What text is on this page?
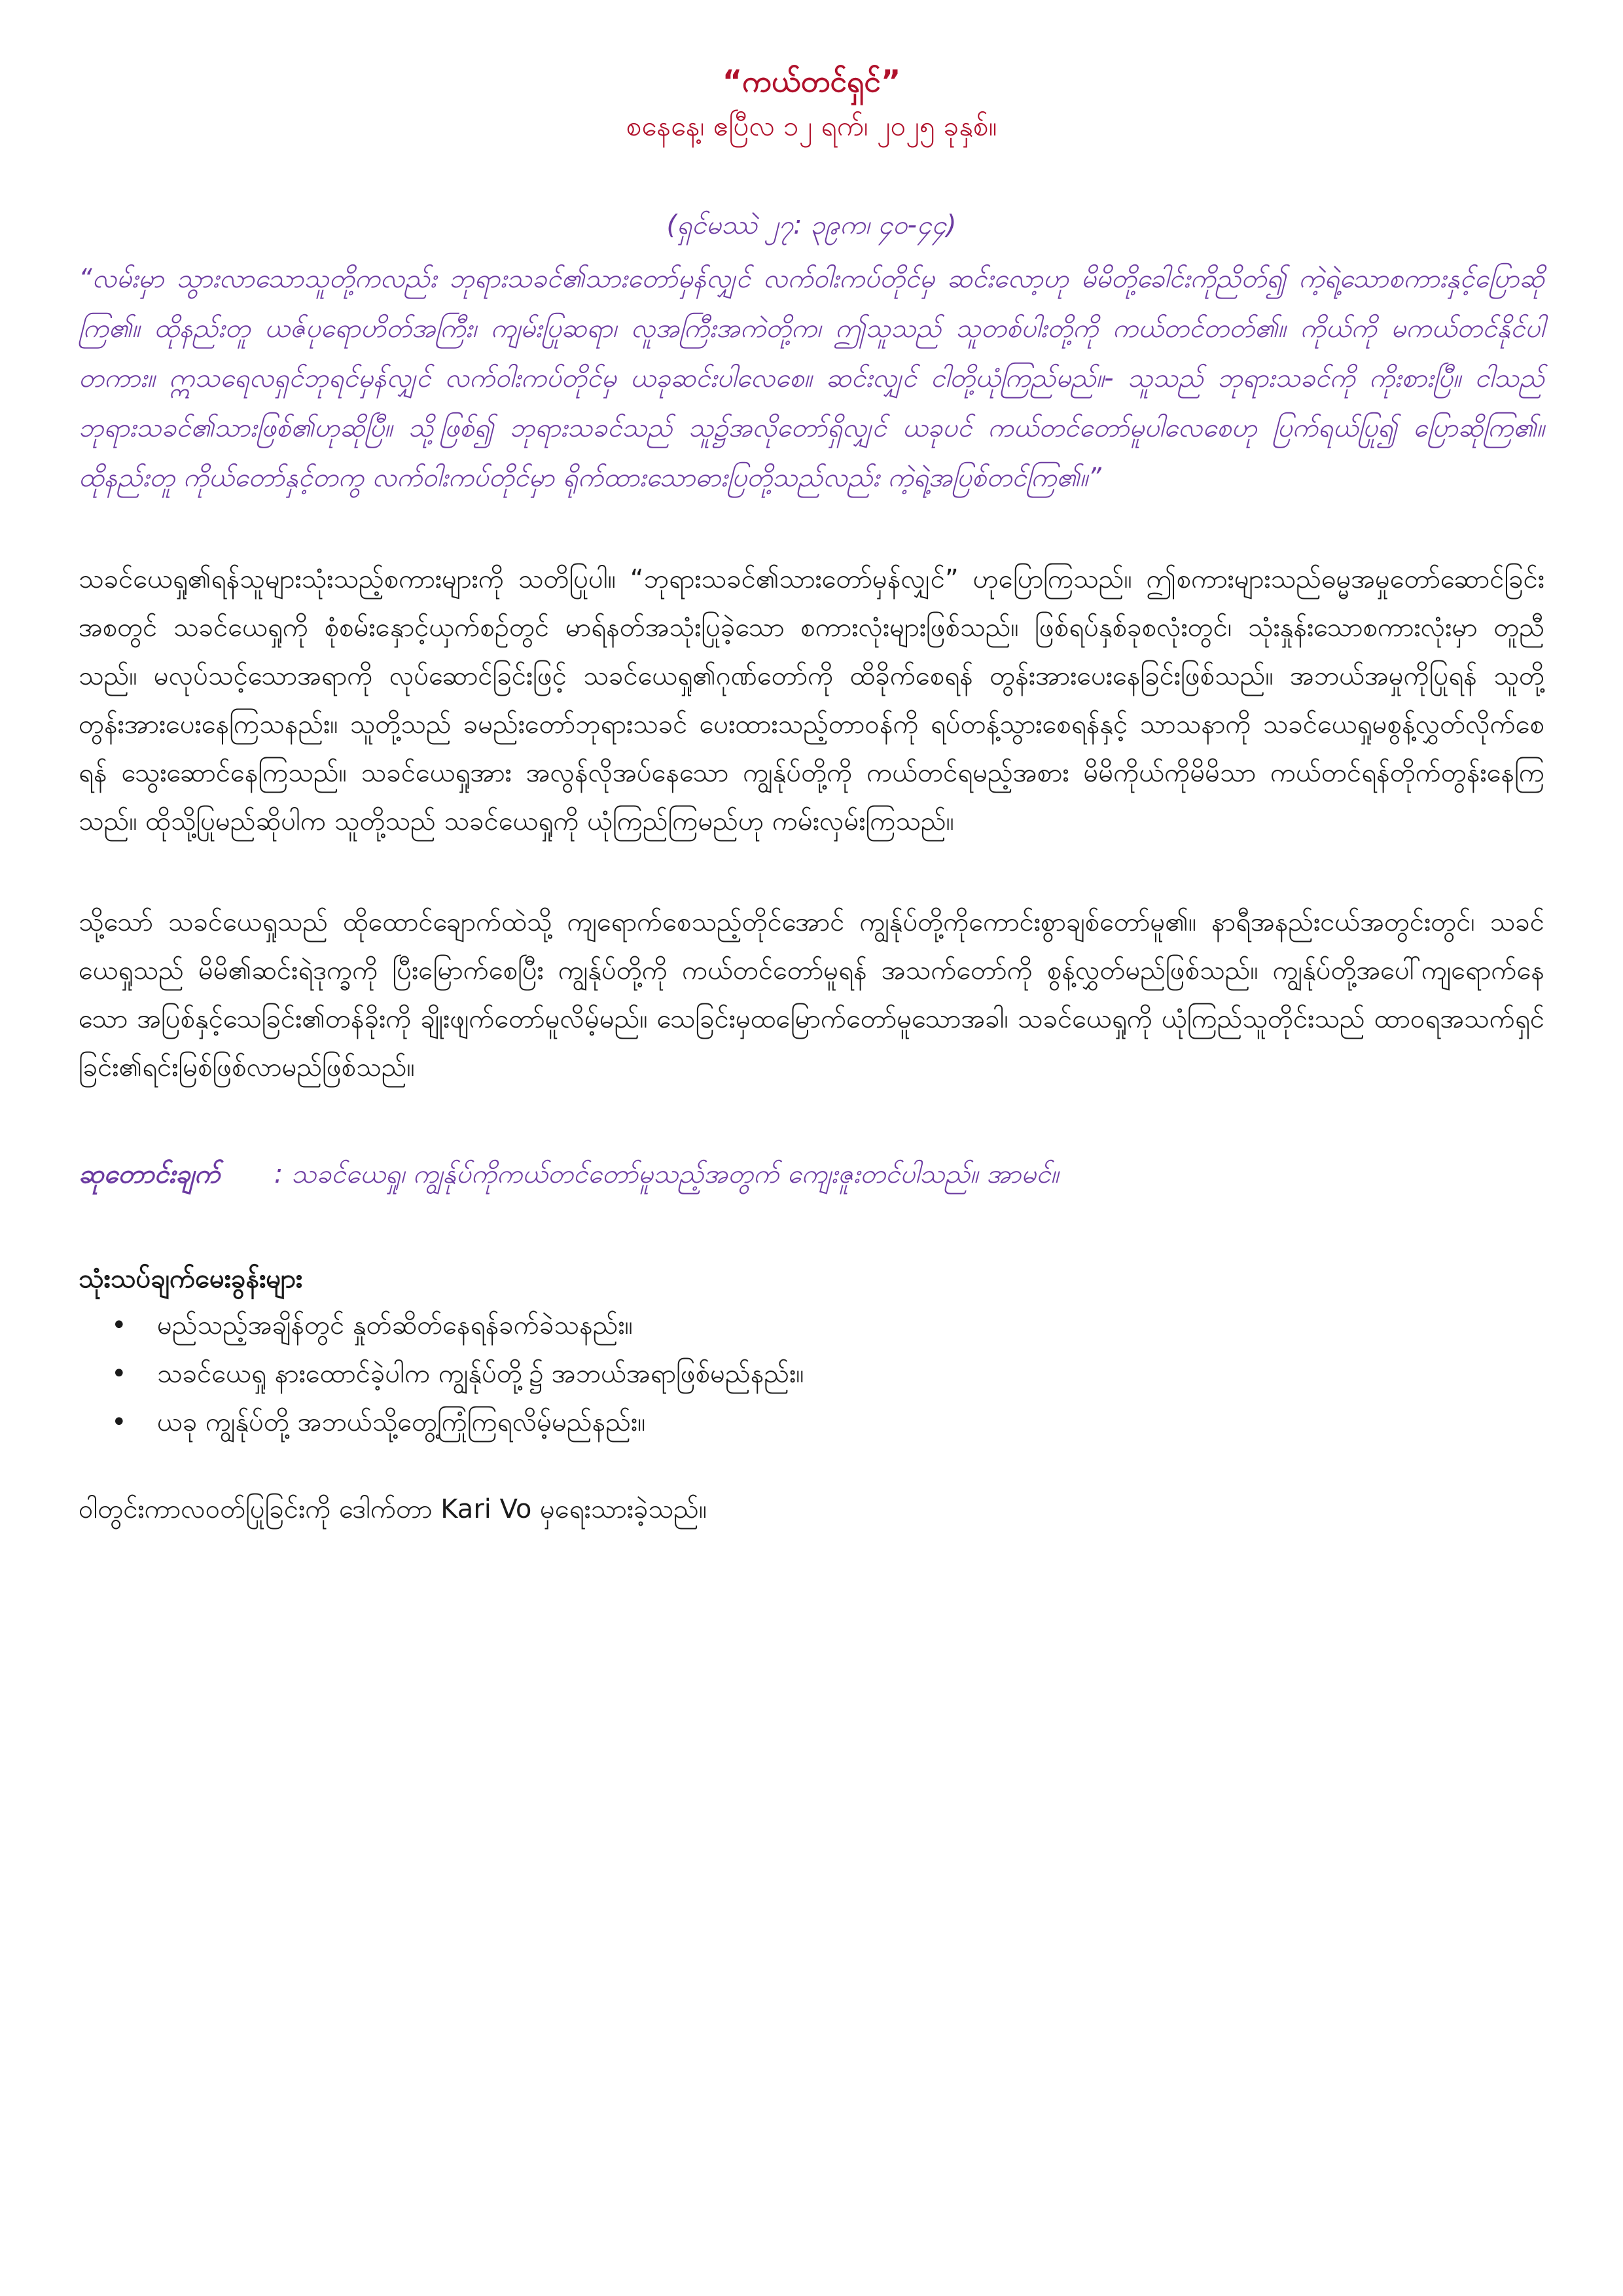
“ကယ်တင်ရှင်”

စနေနေ့၊ ဧပြီလ ၁၂ ရက်၊ ၂၀၂၅ ခုနှစ်။

(ရှင်မဿဲ ၂၇: ၃၉က၊ ၄၀-၄၄)
“လမ်းမှာ သွားလာသောသူတို့ကလည်း ဘုရားသခင်၏သားတော်မှန်လျှင် လက်ဝါးကပ်တိုင်မှ ဆင်းလော့ဟု မိမိတို့ခေါင်းကိုညိတ်၍ ကဲ့ရဲ့သောစကားနှင့်ပြောဆိုကြ၏။ ထိုနည်းတူ ယဇ်ပုရောဟိတ်အကြီး၊ ကျမ်းပြုဆရာ၊ လူအကြီးအကဲတို့က၊ ဤသူသည် သူတစ်ပါးတို့ကို ကယ်တင်တတ်၏။ ကိုယ်ကို မကယ်တင်နိုင်ပါတကား။ ဣသရေလရှင်ဘုရင်မှန်လျှင် လက်ဝါးကပ်တိုင်မှ ယခုဆင်းပါလေစေ။ ဆင်းလျှင် ငါတို့ယုံကြည်မည်။- သူသည် ဘုရားသခင်ကို ကိုးစားပြီ။ ငါသည် ဘုရားသခင်၏သားဖြစ်၏ဟုဆိုပြီ။ သို့ဖြစ်၍ ဘုရားသခင်သည် သူ၌အလိုတော်ရှိလျှင် ယခုပင် ကယ်တင်တော်မူပါလေစေဟု ပြက်ရယ်ပြု၍ ပြောဆိုကြ၏။ ထိုနည်းတူ ကိုယ်တော်နှင့်တကွ လက်ဝါးကပ်တိုင်မှာ ရိုက်ထားသောဓားပြတို့သည်လည်း ကဲ့ရဲ့အပြစ်တင်ကြ၏။”

သခင်ယေရှု၏ရန်သူများသုံးသည့်စကားများကို သတိပြုပါ။ “ဘုရားသခင်၏သားတော်မှန်လျှင်” ဟုပြောကြသည်။ ဤစကားများသည်ဓမ္မအမှုတော်ဆောင်ခြင်းအစတွင် သခင်ယေရှုကို စုံစမ်းနှောင့်ယှက်စဉ်တွင် မာရ်နတ်အသုံးပြုခဲ့သော စကားလုံးများဖြစ်သည်။ ဖြစ်ရပ်နှစ်ခုစလုံးတွင်၊ သုံးနှုန်းသောစကားလုံးမှာ တူညီသည်။ မလုပ်သင့်သောအရာကို လုပ်ဆောင်ခြင်းဖြင့် သခင်ယေရှု၏ဂုဏ်တော်ကို ထိခိုက်စေရန် တွန်းအားပေးနေခြင်းဖြစ်သည်။ အဘယ်အမှုကိုပြုရန် သူတို့တွန်းအားပေးနေကြသနည်း။ သူတို့သည် ခမည်းတော်ဘုရားသခင် ပေးထားသည့်တာဝန်ကို ရပ်တန့်သွားစေရန်နှင့် သာသနာကို သခင်ယေရှုမစွန့်လွှတ်လိုက်စေရန် သွေးဆောင်နေကြသည်။ သခင်ယေရှုအား အလွန်လိုအပ်နေသော ကျွန်ုပ်တို့ကို ကယ်တင်ရမည့်အစား မိမိကိုယ်ကိုမိမိသာ ကယ်တင်ရန်တိုက်တွန်းနေကြသည်။ ထိုသို့ပြုမည်ဆိုပါက သူတို့သည် သခင်ယေရှုကို ယုံကြည်ကြမည်ဟု ကမ်းလှမ်းကြသည်။

သို့သော် သခင်ယေရှုသည် ထိုထောင်ချောက်ထဲသို့ ကျရောက်စေသည့်တိုင်အောင် ကျွန်ုပ်တို့ကိုကောင်းစွာချစ်တော်မူ၏။ နာရီအနည်းငယ်အတွင်းတွင်၊ သခင်ယေရှုသည် မိမိ၏ဆင်းရဲဒုက္ခကို ပြီးမြောက်စေပြီး ကျွန်ုပ်တို့ကို ကယ်တင်တော်မူရန် အသက်တော်ကို စွန့်လွှတ်မည်ဖြစ်သည်။ ကျွန်ုပ်တို့အပေါ်ကျရောက်နေသော အပြစ်နှင့်သေခြင်း၏တန်ခိုးကို ချိုးဖျက်တော်မူလိမ့်မည်။ သေခြင်းမှထမြောက်တော်မူသောအခါ၊ သခင်ယေရှုကို ယုံကြည်သူတိုင်းသည် ထာဝရအသက်ရှင်ခြင်း၏ရင်းမြစ်ဖြစ်လာမည်ဖြစ်သည်။

ဆုတောင်းချက် : သခင်ယေရှု၊ ကျွန်ုပ်ကိုကယ်တင်တော်မူသည့်အတွက် ကျေးဇူးတင်ပါသည်။ အာမင်။

သုံးသပ်ချက်မေးခွန်းများ
• မည်သည့်အချိန်တွင် နှုတ်ဆိတ်နေရန်ခက်ခဲသနည်း။
• သခင်ယေရှု နားထောင်ခဲ့ပါက ကျွန်ုပ်တို့၌ အဘယ်အရာဖြစ်မည်နည်း။
• ယခု ကျွန်ုပ်တို့ အဘယ်သို့တွေ့ကြုံကြရလိမ့်မည်နည်း။

ဝါတွင်းကာလဝတ်ပြုခြင်းကို ဒေါက်တာ Kari Vo မှရေးသားခဲ့သည်။
